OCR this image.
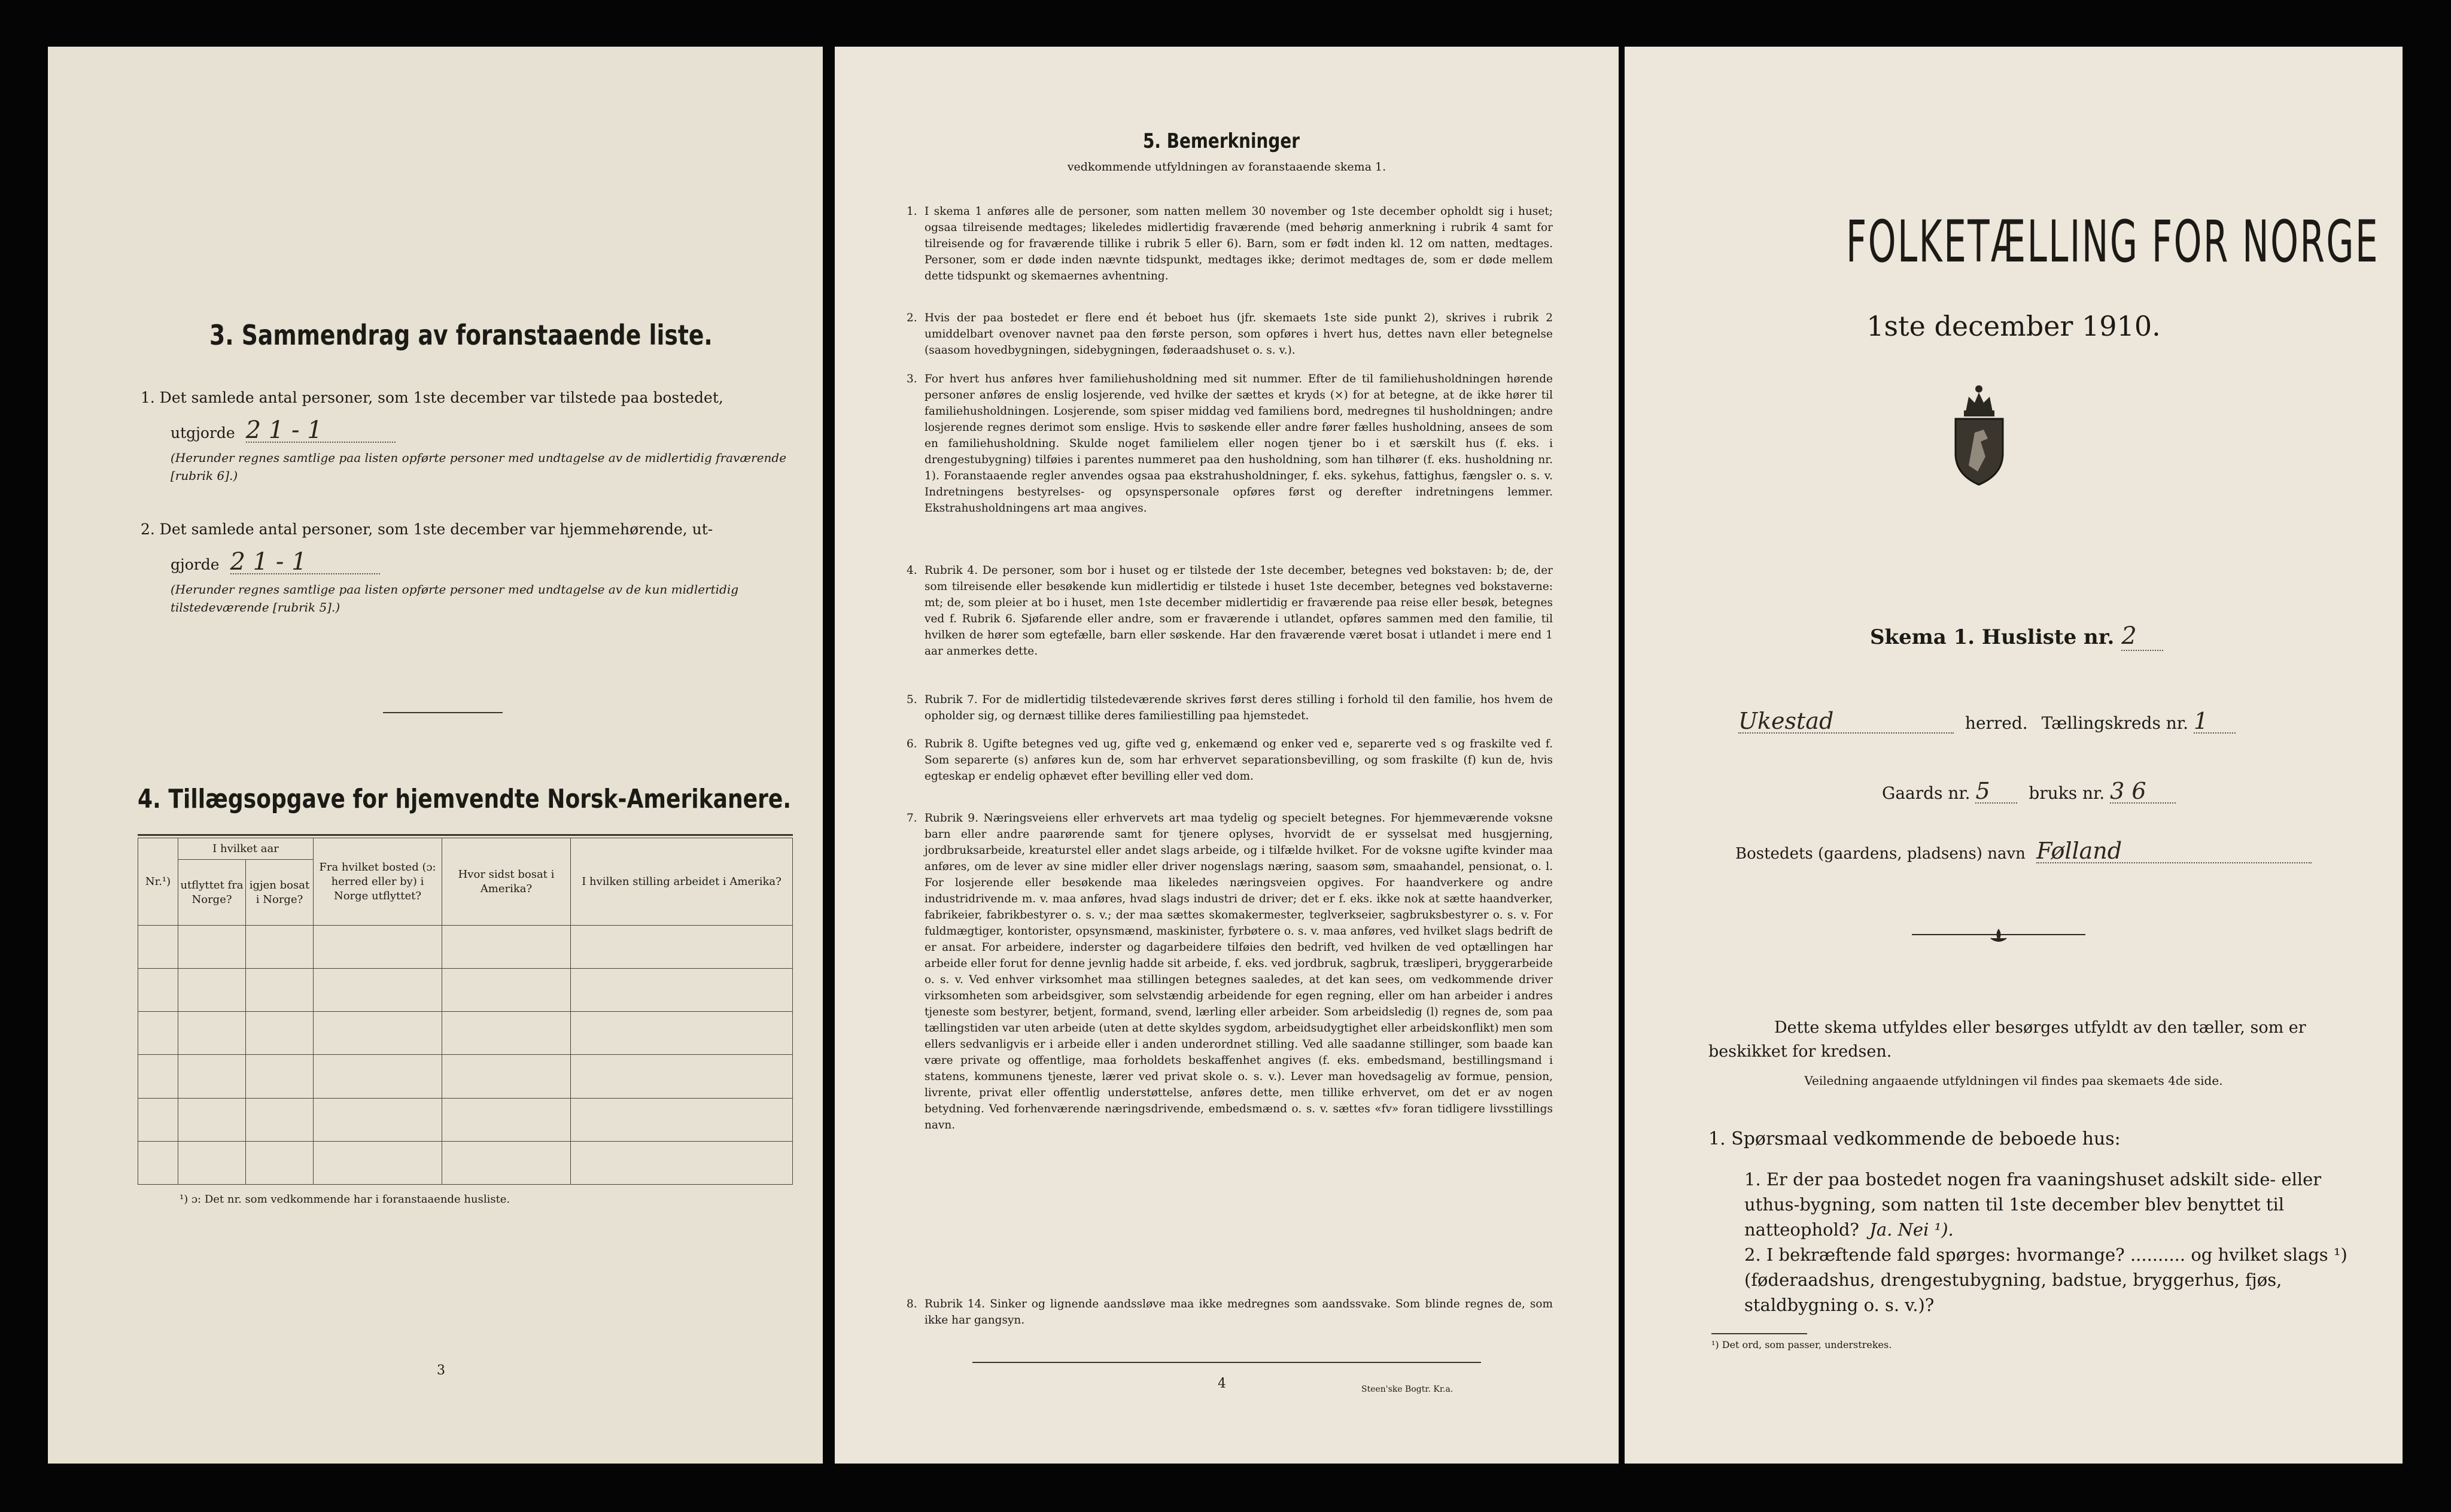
3. Sammendrag av foranstaaende liste.
1. Det samlede antal personer, som 1ste december var tilstede paa bostedet,
utgjorde 2 1 - 1
(Herunder regnes samtlige paa listen opførte personer med undtagelse av de midlertidig fraværende [rubrik 6].)
2. Det samlede antal personer, som 1ste december var hjemmehørende, ut-
gjorde 2 1 - 1
(Herunder regnes samtlige paa listen opførte personer med undtagelse av de kun midlertidig tilstedeværende [rubrik 5].)
4. Tillægsopgave for hjemvendte Norsk-Amerikanere.
Nr.¹)	I hvilket aar		Fra hvilket bosted (ɔ: herred eller by) i Norge utflyttet?	Hvor sidst bosat i Amerika?	I hvilken stilling arbeidet i Amerika?
	utflyttet fra Norge?	igjen bosat i Norge?			

¹) ɔ: Det nr. som vedkommende har i foranstaaende husliste.
3
5. Bemerkninger
vedkommende utfyldningen av foranstaaende skema 1.
1. I skema 1 anføres alle de personer, som natten mellem 30 november og 1ste december opholdt sig i huset; ogsaa tilreisende medtages; likeledes midlertidig fraværende (med behørig anmerkning i rubrik 4 samt for tilreisende og for fraværende tillike i rubrik 5 eller 6). Barn, som er født inden kl. 12 om natten, medtages. Personer, som er døde inden nævnte tidspunkt, medtages ikke; derimot medtages de, som er døde mellem dette tidspunkt og skemaernes avhentning.
2. Hvis der paa bostedet er flere end ét beboet hus (jfr. skemaets 1ste side punkt 2), skrives i rubrik 2 umiddelbart ovenover navnet paa den første person, som opføres i hvert hus, dettes navn eller betegnelse (saasom hovedbygningen, sidebygningen, føderaadshuset o. s. v.).
3. For hvert hus anføres hver familiehusholdning med sit nummer. Efter de til familiehusholdningen hørende personer anføres de enslig losjerende, ved hvilke der sættes et kryds (×) for at betegne, at de ikke hører til familiehusholdningen. Losjerende, som spiser middag ved familiens bord, medregnes til husholdningen; andre losjerende regnes derimot som enslige. Hvis to søskende eller andre fører fælles husholdning, ansees de som en familiehusholdning. Skulde noget familielem eller nogen tjener bo i et særskilt hus (f. eks. i drengestubygning) tilføies i parentes nummeret paa den husholdning, som han tilhører (f. eks. husholdning nr. 1). Foranstaaende regler anvendes ogsaa paa ekstrahusholdninger, f. eks. sykehus, fattighus, fængsler o. s. v. Indretningens bestyrelses- og opsynspersonale opføres først og derefter indretningens lemmer. Ekstrahusholdningens art maa angives.
4. Rubrik 4. De personer, som bor i huset og er tilstede der 1ste december, betegnes ved bokstaven: b; de, der som tilreisende eller besøkende kun midlertidig er tilstede i huset 1ste december, betegnes ved bokstaverne: mt; de, som pleier at bo i huset, men 1ste december midlertidig er fraværende paa reise eller besøk, betegnes ved f. Rubrik 6. Sjøfarende eller andre, som er fraværende i utlandet, opføres sammen med den familie, til hvilken de hører som egtefælle, barn eller søskende. Har den fraværende været bosat i utlandet i mere end 1 aar anmerkes dette.
5. Rubrik 7. For de midlertidig tilstedeværende skrives først deres stilling i forhold til den familie, hos hvem de opholder sig, og dernæst tillike deres familiestilling paa hjemstedet.
6. Rubrik 8. Ugifte betegnes ved ug, gifte ved g, enkemænd og enker ved e, separerte ved s og fraskilte ved f. Som separerte (s) anføres kun de, som har erhvervet separationsbevilling, og som fraskilte (f) kun de, hvis egteskap er endelig ophævet efter bevilling eller ved dom.
7. Rubrik 9. Næringsveiens eller erhvervets art maa tydelig og specielt betegnes. For hjemmeværende voksne barn eller andre paarørende samt for tjenere oplyses, hvorvidt de er sysselsat med husgjerning, jordbruksarbeide, kreaturstel eller andet slags arbeide, og i tilfælde hvilket. For de voksne ugifte kvinder maa anføres, om de lever av sine midler eller driver nogenslags næring, saasom søm, smaahandel, pensionat, o. l. For losjerende eller besøkende maa likeledes næringsveien opgives. For haandverkere og andre industridrivende m. v. maa anføres, hvad slags industri de driver; det er f. eks. ikke nok at sætte haandverker, fabrikeier, fabrikbestyrer o. s. v.; der maa sættes skomakermester, teglverkseier, sagbruksbestyrer o. s. v. For fuldmægtiger, kontorister, opsynsmænd, maskinister, fyrbøtere o. s. v. maa anføres, ved hvilket slags bedrift de er ansat. For arbeidere, inderster og dagarbeidere tilføies den bedrift, ved hvilken de ved optællingen har arbeide eller forut for denne jevnlig hadde sit arbeide, f. eks. ved jordbruk, sagbruk, træsliperi, bryggerarbeide o. s. v. Ved enhver virksomhet maa stillingen betegnes saaledes, at det kan sees, om vedkommende driver virksomheten som arbeidsgiver, som selvstændig arbeidende for egen regning, eller om han arbeider i andres tjeneste som bestyrer, betjent, formand, svend, lærling eller arbeider. Som arbeidsledig (l) regnes de, som paa tællingstiden var uten arbeide (uten at dette skyldes sygdom, arbeidsudygtighet eller arbeidskonflikt) men som ellers sedvanligvis er i arbeide eller i anden underordnet stilling. Ved alle saadanne stillinger, som baade kan være private og offentlige, maa forholdets beskaffenhet angives (f. eks. embedsmand, bestillingsmand i statens, kommunens tjeneste, lærer ved privat skole o. s. v.). Lever man hovedsagelig av formue, pension, livrente, privat eller offentlig understøttelse, anføres dette, men tillike erhvervet, om det er av nogen betydning. Ved forhenværende næringsdrivende, embedsmænd o. s. v. sættes «fv» foran tidligere livsstillings navn.
8. Rubrik 14. Sinker og lignende aandssløve maa ikke medregnes som aandssvake. Som blinde regnes de, som ikke har gangsyn.
4	Steen'ske Bogtr. Kr.a.
FOLKETÆLLING FOR NORGE
1ste december 1910.
Skema 1. Husliste nr. 2
Ukestad	herred. Tællingskreds nr. 1
Gaards nr. 5 bruks nr. 3 6
Bostedets (gaardens, pladsens) navn Følland
Dette skema utfyldes eller besørges utfyldt av den tæller, som er beskikket for kredsen.
Veiledning angaaende utfyldningen vil findes paa skemaets 4de side.
1. Spørsmaal vedkommende de beboede hus:
1. Er der paa bostedet nogen fra vaaningshuset adskilt side- eller uthus-bygning, som natten til 1ste december blev benyttet til natteophold? Ja. Nei ¹).
2. I bekræftende fald spørges: hvormange? .......... og hvilket slags ¹) (føderaadshus, drengestubygning, badstue, bryggerhus, fjøs, staldbygning o. s. v.)?
¹) Det ord, som passer, understrekes.
